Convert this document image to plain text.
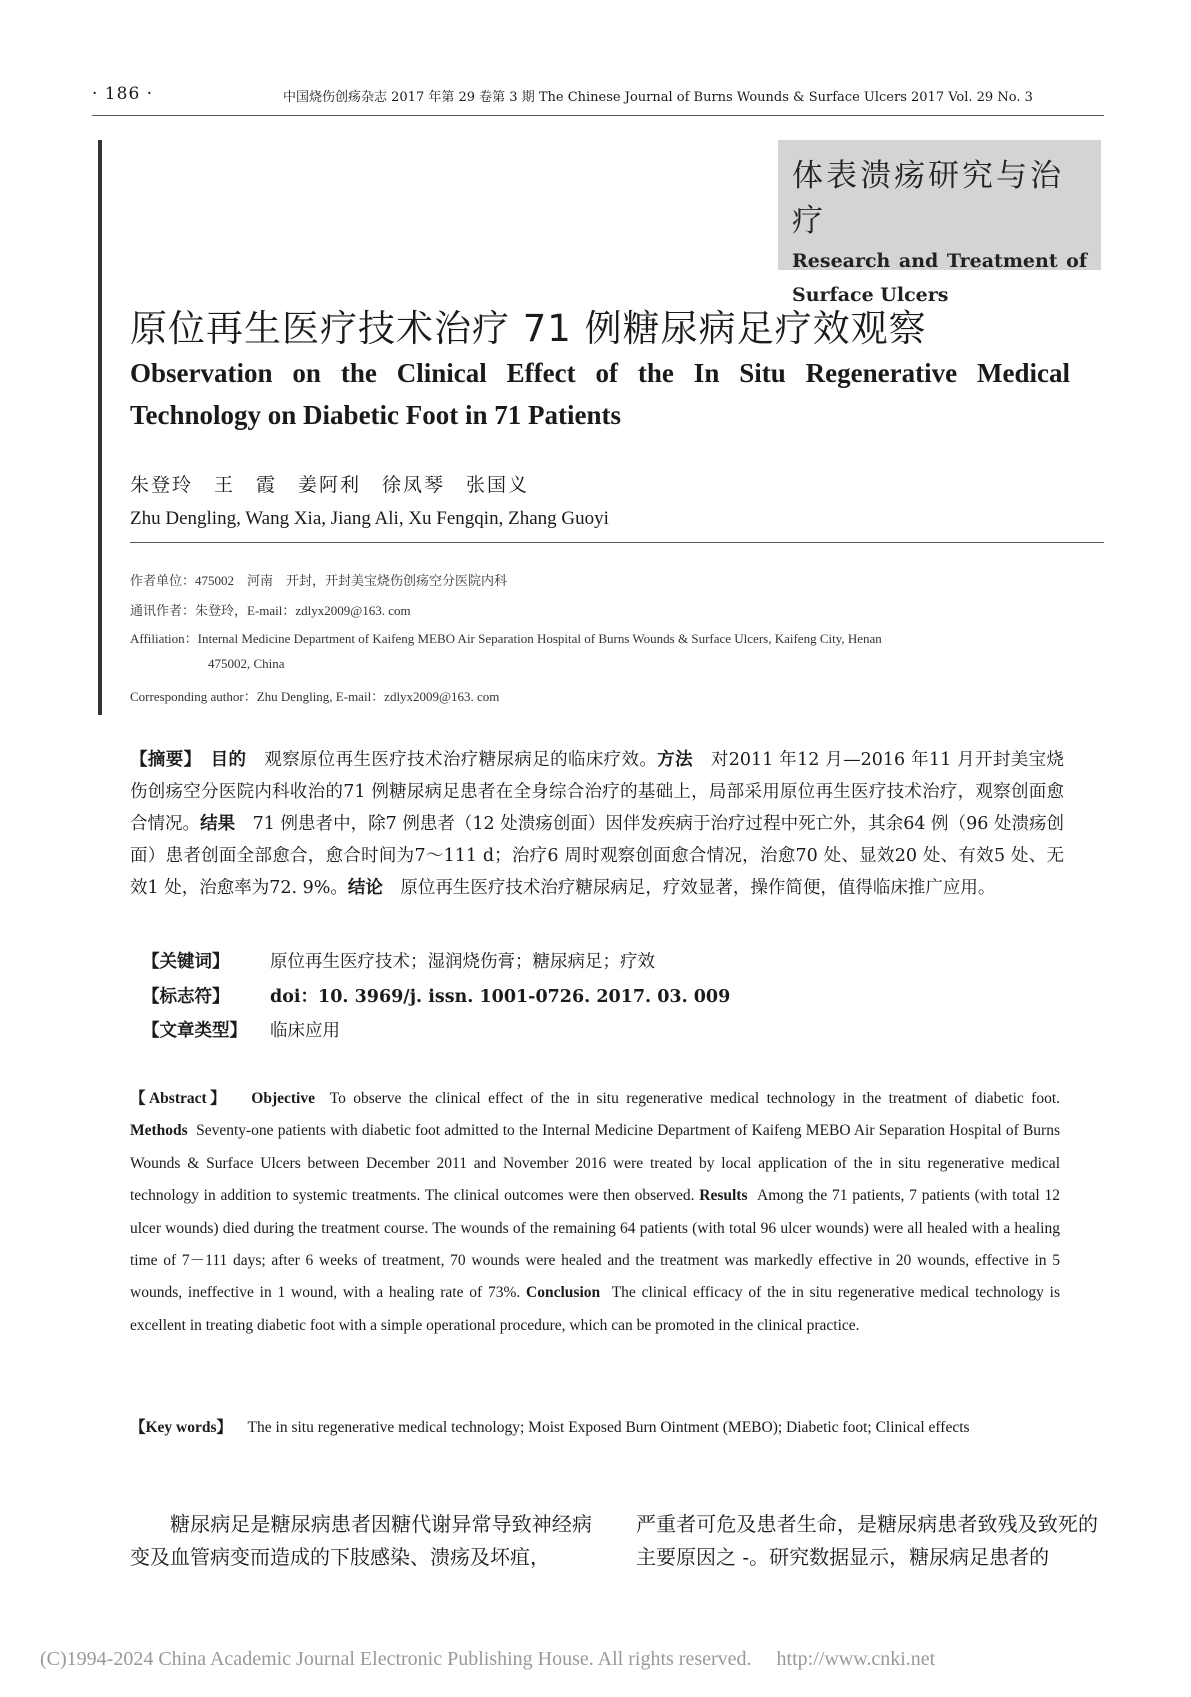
· 186 ·	中国烧伤创疡杂志 2017 年第 29 卷第 3 期 The Chinese Journal of Burns Wounds & Surface Ulcers 2017 Vol. 29 No. 3
体表溃疡研究与治疗
Research and Treatment of Surface Ulcers
原位再生医疗技术治疗 71 例糖尿病足疗效观察
Observation on the Clinical Effect of the In Situ Regenerative Medical Technology on Diabetic Foot in 71 Patients
朱登玲　王　霞　姜阿利　徐凤琴　张国义
Zhu Dengling, Wang Xia, Jiang Ali, Xu Fengqin, Zhang Guoyi
作者单位：475002　河南　开封，开封美宝烧伤创疡空分医院内科
通讯作者：朱登玲，E-mail：zdlyx2009@163. com
Affiliation：Internal Medicine Department of Kaifeng MEBO Air Separation Hospital of Burns Wounds & Surface Ulcers, Kaifeng City, Henan
475002, China
Corresponding author：Zhu Dengling, E-mail：zdlyx2009@163. com
【摘要】　 目的　 观察原位再生医疗技术治疗糖尿病足的临床疗效。方法　 对2011 年12 月—2016 年11 月开封美宝烧伤创疡空分医院内科收治的71 例糖尿病足患者在全身综合治疗的基础上，局部采用原位再生医疗技术治疗，观察创面愈合情况。结果　 71 例患者中，除7 例患者（12 处溃疡创面）因伴发疾病于治疗过程中死亡外，其余64 例（96 处溃疡创面）患者创面全部愈合，愈合时间为7～111 d；治疗6 周时观察创面愈合情况，治愈70 处、显效20 处、有效5 处、无效1 处，治愈率为72. 9%。结论　 原位再生医疗技术治疗糖尿病足，疗效显著，操作简便，值得临床推广应用。
【关键词】 原位再生医疗技术；湿润烧伤膏；糖尿病足；疗效
【标志符】 doi：10. 3969/j. issn. 1001-0726. 2017. 03. 009
【文章类型】 临床应用
【Abstract】 Objective To observe the clinical effect of the in situ regenerative medical technology in the treatment of diabetic foot. Methods Seventy-one patients with diabetic foot admitted to the Internal Medicine Department of Kaifeng MEBO Air Separation Hospital of Burns Wounds & Surface Ulcers between December 2011 and November 2016 were treated by local application of the in situ regenerative medical technology in addition to systemic treatments. The clinical outcomes were then observed. Results Among the 71 patients, 7 patients (with total 12 ulcer wounds) died during the treatment course. The wounds of the remaining 64 patients (with total 96 ulcer wounds) were all healed with a healing time of 7－111 days; after 6 weeks of treatment, 70 wounds were healed and the treatment was markedly effective in 20 wounds, effective in 5 wounds, ineffective in 1 wound, with a healing rate of 73%. Conclusion The clinical efficacy of the in situ regenerative medical technology is excellent in treating diabetic foot with a simple operational procedure, which can be promoted in the clinical practice.
【Key words】 The in situ regenerative medical technology; Moist Exposed Burn Ointment (MEBO); Diabetic foot; Clinical effects
糖尿病足是糖尿病患者因糖代谢异常导致神经病变及血管病变而造成的下肢感染、溃疡及坏疽，
严重者可危及患者生命，是糖尿病患者致残及致死的主要原因之 -。研究数据显示，糖尿病足患者的
(C)1994-2024 China Academic Journal Electronic Publishing House. All rights reserved.　 http://www.cnki.net
